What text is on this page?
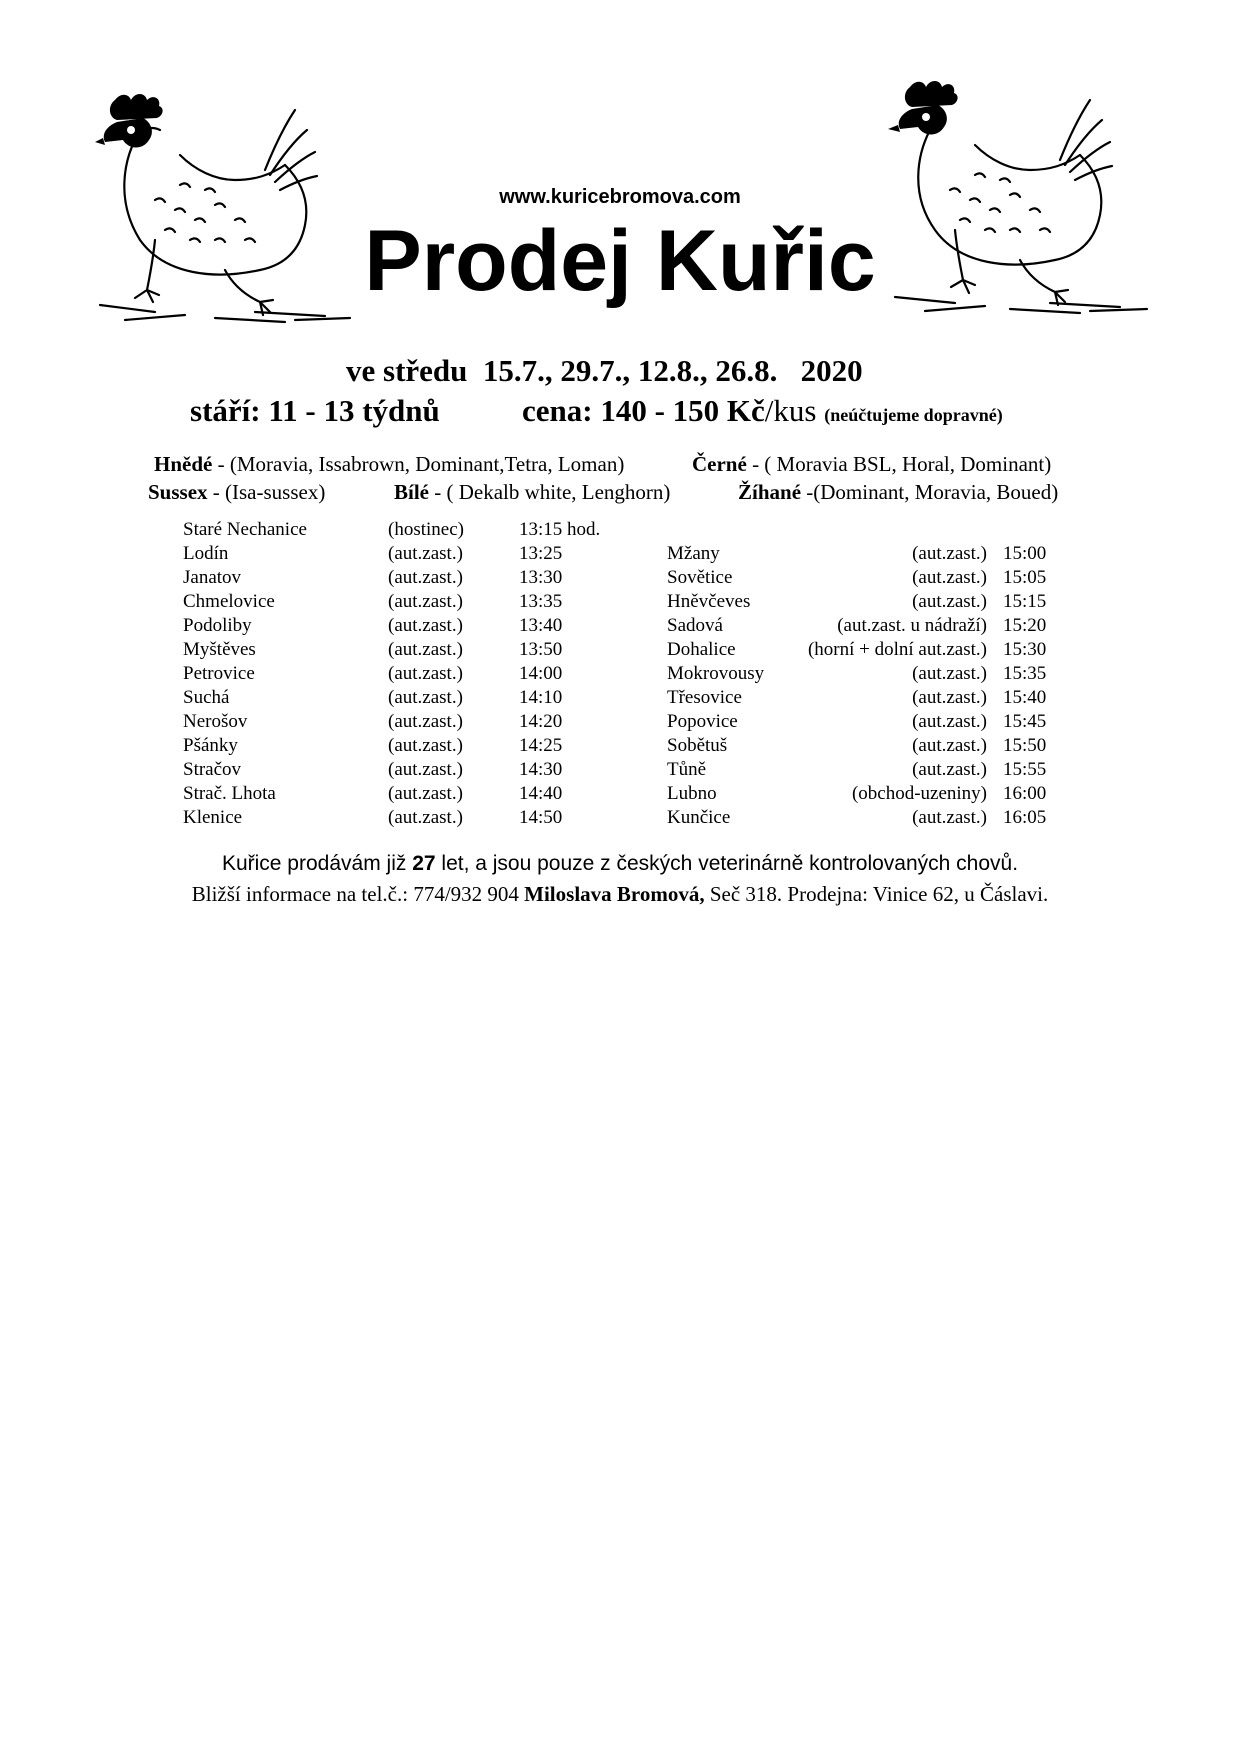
www.kuricebromova.com
Prodej Kuřic
ve středu  15.7., 29.7., 12.8., 26.8.   2020
stáří: 11 - 13 týdnů	cena: 140 - 150 Kč/kus (neúčtujeme dopravné)
Hnědé - (Moravia, Issabrown, Dominant,Tetra, Loman)	Černé - ( Moravia BSL, Horal, Dominant)
Sussex - (Isa-sussex)	Bílé - ( Dekalb white, Lenghorn)	Žíhané -(Dominant, Moravia, Boued)

Staré Nechanice	(hostinec)	13:15 hod.

Lodín	(aut.zast.)	13:25

Janatov	(aut.zast.)	13:30

Chmelovice	(aut.zast.)	13:35

Podoliby	(aut.zast.)	13:40

Myštěves	(aut.zast.)	13:50

Petrovice	(aut.zast.)	14:00

Suchá	(aut.zast.)	14:10

Nerošov	(aut.zast.)	14:20

Pšánky	(aut.zast.)	14:25

Stračov	(aut.zast.)	14:30

Strač. Lhota	(aut.zast.)	14:40

Klenice	(aut.zast.)	14:50

Mžany	(aut.zast.) 15:00

Sovětice	(aut.zast.) 15:05

Hněvčeves	(aut.zast.) 15:15

Sadová	(aut.zast. u nádraží) 15:20

Dohalice	(horní + dolní aut.zast.) 15:30

Mokrovousy	(aut.zast.) 15:35

Třesovice	(aut.zast.) 15:40

Popovice	(aut.zast.) 15:45

Sobětuš	(aut.zast.) 15:50

Tůně	(aut.zast.) 15:55

Lubno	(obchod-uzeniny) 16:00

Kunčice	(aut.zast.) 16:05

Kuřice prodávám již 27 let, a jsou pouze z českých veterinárně kontrolovaných chovů.
Bližší informace na tel.č.: 774/932 904 Miloslava Bromová, Seč 318. Prodejna: Vinice 62, u Čáslavi.
